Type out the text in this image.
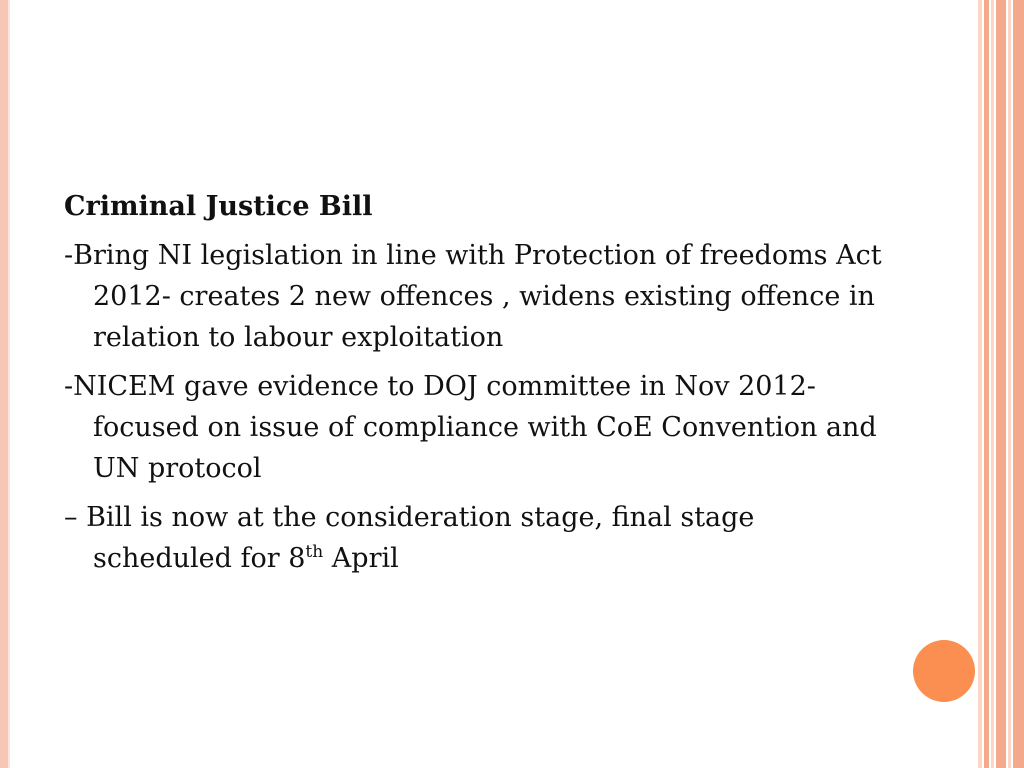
Criminal Justice Bill
-Bring NI legislation in line with Protection of freedoms Act 2012- creates 2 new offences , widens existing offence in relation to labour exploitation
-NICEM gave evidence to DOJ committee in Nov 2012- focused on issue of compliance with CoE Convention and UN protocol
– Bill is now at the consideration stage, final stage scheduled for 8th April
